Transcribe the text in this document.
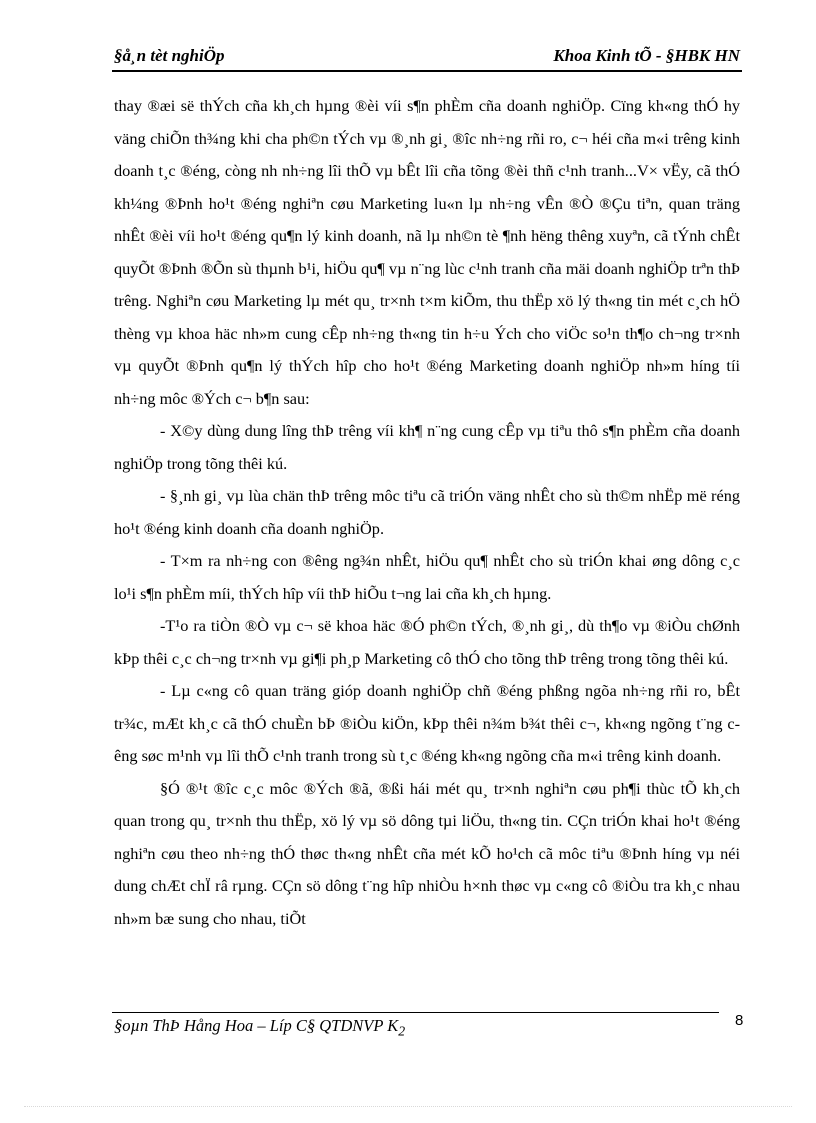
§å¸n tèt nghiÖp	Khoa Kinh tÕ - §HBK HN

thay ®æi së thÝch cña kh¸ch hµng ®èi víi s¶n phÈm cña doanh nghiÖp. Cïng kh«ng thÓ hy väng chiÕn th¾ng khi cha ph©n tÝch vµ ®¸nh gi¸ ®îc nh÷ng rñi ro, c¬ héi cña m«i trêng kinh doanh t¸c ®éng, còng nh nh÷ng lîi thÕ vµ bÊt lîi cña tõng ®èi thñ c¹nh tranh...V× vËy, cã thÓ kh¼ng ®Þnh ho¹t ®éng nghiªn cøu Marketing lu«n lµ nh÷ng vÊn ®Ò ®Çu tiªn, quan träng nhÊt ®èi víi ho¹t ®éng qu¶n lý kinh doanh, nã lµ nh©n tè ¶nh hëng thêng xuyªn, cã tÝnh chÊt quyÕt ®Þnh ®Õn sù thµnh b¹i, hiÖu qu¶ vµ n¨ng lùc c¹nh tranh cña mäi doanh nghiÖp trªn thÞ trêng. Nghiªn cøu Marketing lµ mét qu¸ tr×nh t×m kiÕm, thu thËp xö lý th«ng tin mét c¸ch hÖ thèng vµ khoa häc nh»m cung cÊp nh÷ng th«ng tin h÷u Ých cho viÖc so¹n th¶o ch¬ng tr×nh vµ quyÕt ®Þnh qu¶n lý thÝch hîp cho ho¹t ®éng Marketing doanh nghiÖp nh»m híng tíi nh÷ng môc ®Ých c¬ b¶n sau:

- X©y dùng dung lîng thÞ trêng víi kh¶ n¨ng cung cÊp vµ tiªu thô s¶n phÈm cña doanh nghiÖp trong tõng thêi kú.

- §¸nh gi¸ vµ lùa chän thÞ trêng môc tiªu cã triÓn väng nhÊt cho sù th©m nhËp më réng ho¹t ®éng kinh doanh cña doanh nghiÖp.

- T×m ra nh÷ng con ®êng ng¾n nhÊt, hiÖu qu¶ nhÊt cho sù triÓn khai øng dông c¸c lo¹i s¶n phÈm míi, thÝch hîp víi thÞ hiÕu t¬ng lai cña kh¸ch hµng.

-T¹o ra tiÒn ®Ò vµ c¬ së khoa häc ®Ó ph©n tÝch, ®¸nh gi¸, dù th¶o vµ ®iÒu chØnh kÞp thêi c¸c ch¬ng tr×nh vµ gi¶i ph¸p Marketing cô thÓ cho tõng thÞ trêng trong tõng thêi kú.

- Lµ c«ng cô quan träng gióp doanh nghiÖp chñ ®éng phßng ngõa nh÷ng rñi ro, bÊt tr¾c, mÆt kh¸c cã thÓ chuÈn bÞ ®iÒu kiÖn, kÞp thêi n¾m b¾t thêi c¬, kh«ng ngõng t¨ng cêng søc m¹nh vµ lîi thÕ c¹nh tranh trong sù t¸c ®éng kh«ng ngõng cña m«i trêng kinh doanh.

§Ó ®¹t ®îc c¸c môc ®Ých ®ã, ®ßi hái mét qu¸ tr×nh nghiªn cøu ph¶i thùc tÕ kh¸ch quan trong qu¸ tr×nh thu thËp, xö lý vµ sö dông tµi liÖu, th«ng tin. CÇn triÓn khai ho¹t ®éng nghiªn cøu theo nh÷ng thÓ thøc th«ng nhÊt cña mét kÕ ho¹ch cã môc tiªu ®Þnh híng vµ néi dung chÆt chÏ râ rµng. CÇn sö dông t¨ng hîp nhiÒu h×nh thøc vµ c«ng cô ®iÒu tra kh¸c nhau nh»m bæ sung cho nhau, tiÕt

§oµn ThÞ Hång Hoa – Líp C§ QTDNVP $K_2$
8
